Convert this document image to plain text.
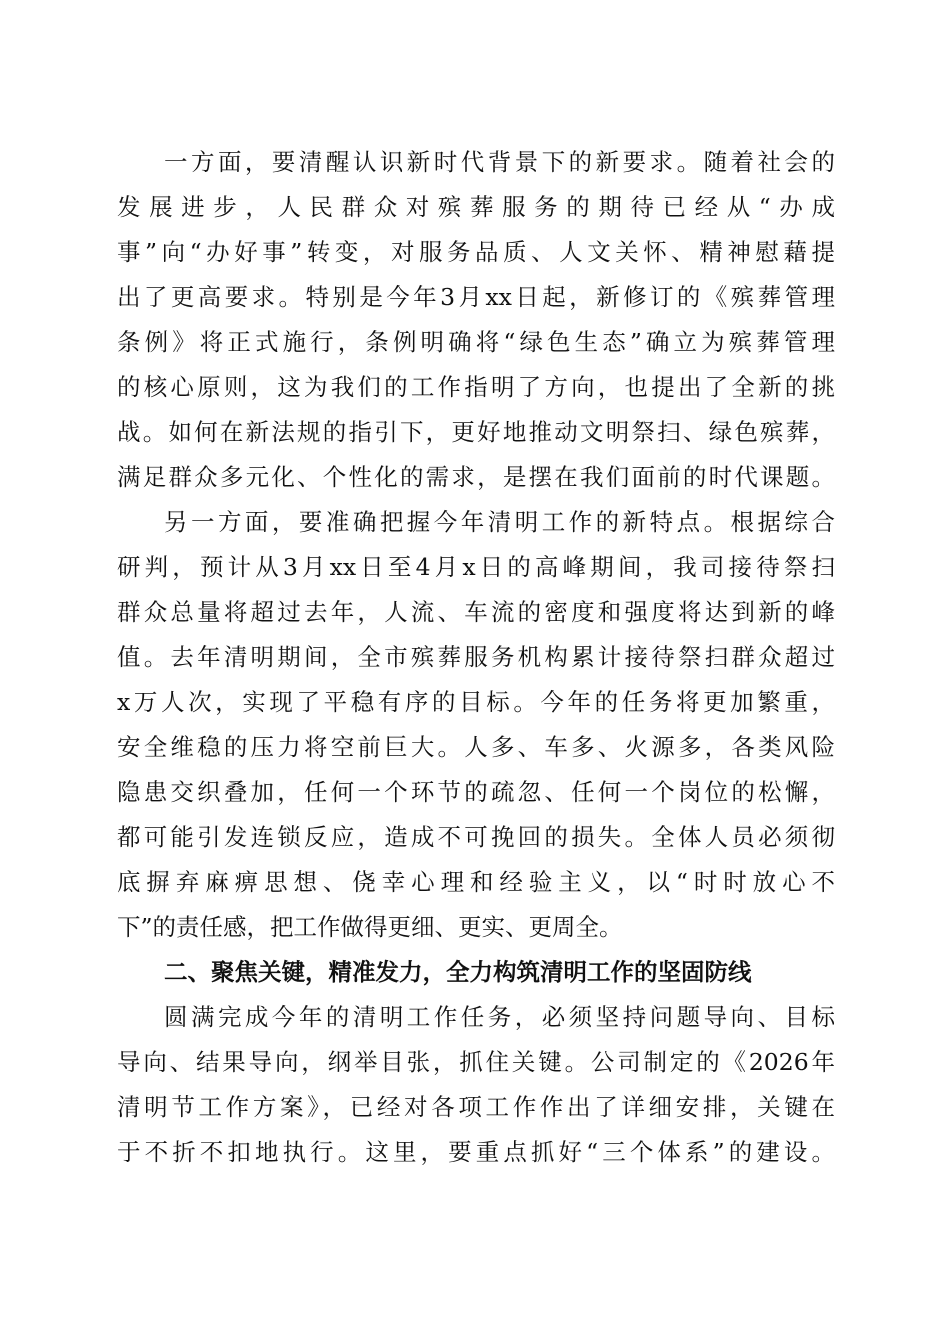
一方面，要清醒认识新时代背景下的新要求。随着社会的
发展进步，人民群众对殡葬服务的期待已经从“办成
事”向“办好事”转变，对服务品质、人文关怀、精神慰藉提
出了更高要求。特别是今年3月xx日起，新修订的《殡葬管理
条例》将正式施行，条例明确将“绿色生态”确立为殡葬管理
的核心原则，这为我们的工作指明了方向，也提出了全新的挑
战。如何在新法规的指引下，更好地推动文明祭扫、绿色殡葬，
满足群众多元化、个性化的需求，是摆在我们面前的时代课题。
另一方面，要准确把握今年清明工作的新特点。根据综合
研判，预计从3月xx日至4月x日的高峰期间，我司接待祭扫
群众总量将超过去年，人流、车流的密度和强度将达到新的峰
值。去年清明期间，全市殡葬服务机构累计接待祭扫群众超过
x万人次，实现了平稳有序的目标。今年的任务将更加繁重，
安全维稳的压力将空前巨大。人多、车多、火源多，各类风险
隐患交织叠加，任何一个环节的疏忽、任何一个岗位的松懈，
都可能引发连锁反应，造成不可挽回的损失。全体人员必须彻
底摒弃麻痹思想、侥幸心理和经验主义，以“时时放心不
下”的责任感，把工作做得更细、更实、更周全。
二、聚焦关键，精准发力，全力构筑清明工作的坚固防线
圆满完成今年的清明工作任务，必须坚持问题导向、目标
导向、结果导向，纲举目张，抓住关键。公司制定的《2026年
清明节工作方案》，已经对各项工作作出了详细安排，关键在
于不折不扣地执行。这里，要重点抓好“三个体系”的建设。
